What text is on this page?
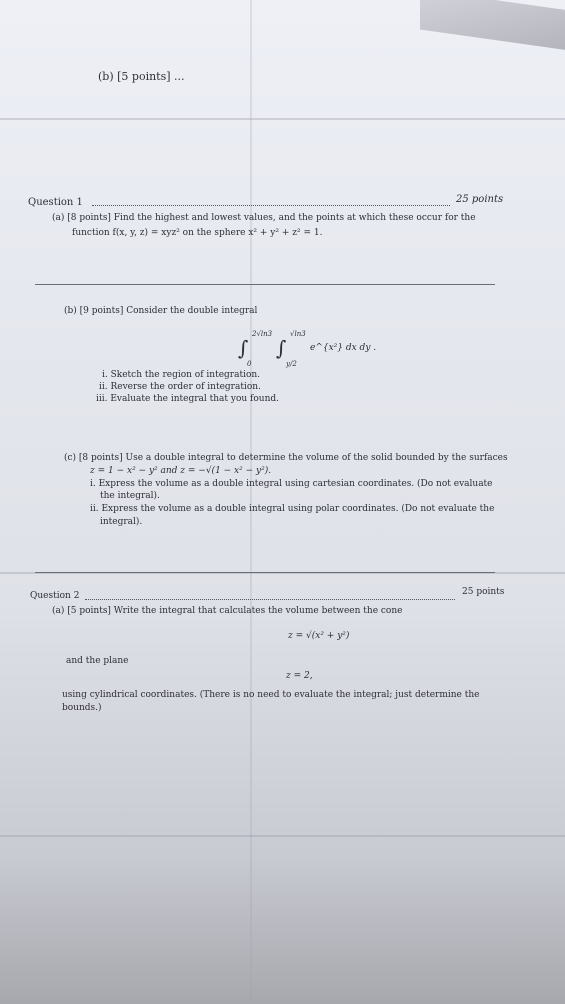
(b) [5 points] ...
Question 1	25 points
(a) [8 points] Find the highest and lowest values, and the points at which these occur for the
function f(x, y, z) = xyz² on the sphere x² + y² + z² = 1.
(b) [9 points] Consider the double integral
∫
2√ln3
0
∫
√ln3
y/2
e^{x²} dx dy .
i. Sketch the region of integration.
ii. Reverse the order of integration.
iii. Evaluate the integral that you found.
(c) [8 points] Use a double integral to determine the volume of the solid bounded by the surfaces
z = 1 − x² − y² and z = −√(1 − x² − y²).
i. Express the volume as a double integral using cartesian coordinates. (Do not evaluate
the integral).
ii. Express the volume as a double integral using polar coordinates. (Do not evaluate the
integral).
Question 2	25 points
(a) [5 points] Write the integral that calculates the volume between the cone
z = √(x² + y²)
and the plane
z = 2,
using cylindrical coordinates. (There is no need to evaluate the integral; just determine the
bounds.)
